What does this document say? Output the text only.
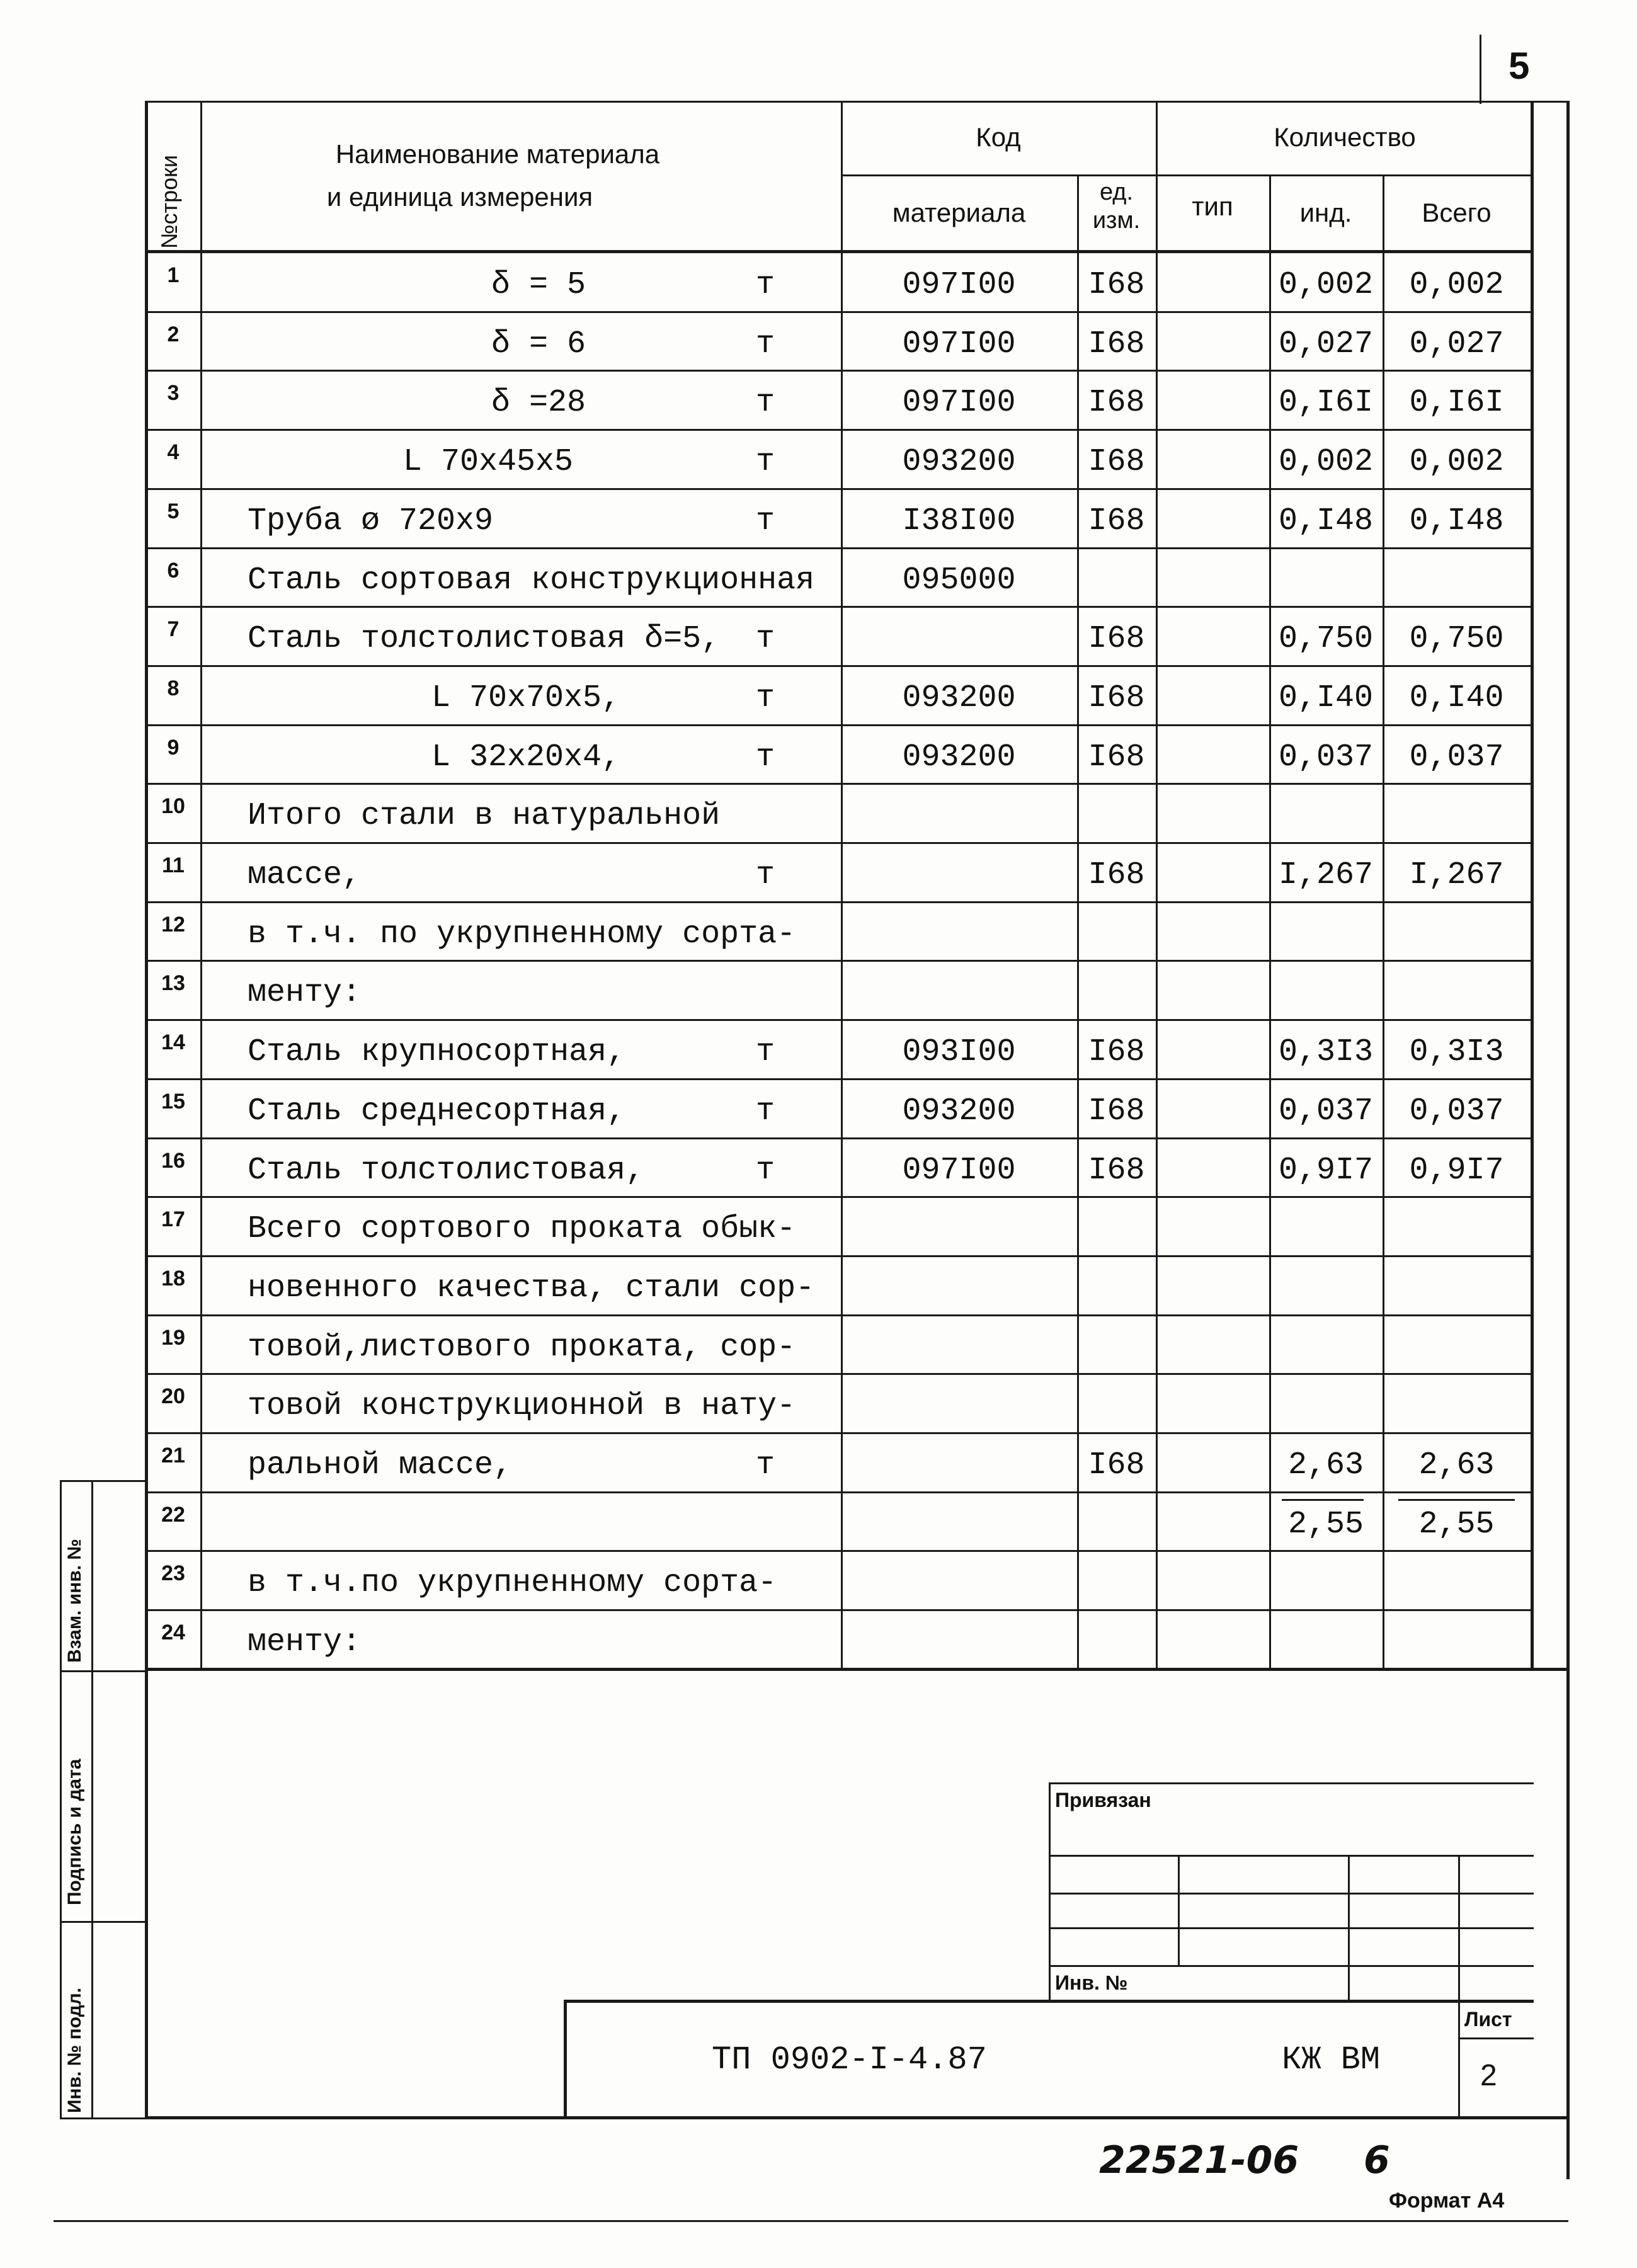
5
№строки
Наименование материала
и единица измерения
Код
материала
ед.
изм.
Количество
тип	инд.	Всего
1	δ = 5	т	097I00	I68	0,002	0,002
2	δ = 6	т	097I00	I68	0,027	0,027
3	δ =28	т	097I00	I68	0,I6I	0,I6I
4	L 70x45x5	т	093200	I68	0,002	0,002
5	Труба ø 720x9	т	I38I00	I68	0,I48	0,I48
6	Сталь сортовая конструкционная	095000
7	Сталь толстолистовая δ=5, т	I68	0,750	0,750
8	L 70x70x5,	т	093200	I68	0,I40	0,I40
9	L 32x20x4,	т	093200	I68	0,037	0,037
10 Итого стали в натуральной
11 массе,	т	I68	I,267	I,267
12 в т.ч. по укрупненному сорта-
13 менту:
14 Сталь крупносортная,	т	093I00	I68	0,3I3	0,3I3
15 Сталь среднесортная,	т	093200	I68	0,037	0,037
16 Сталь толстолистовая,	т	097I00	I68	0,9I7	0,9I7
17 Всего сортового проката обык-
18 новенного качества, стали сор-
19 товой,листового проката, сор-
20 товой конструкционной в нату-
21 ральной массе,	т	I68	2,63	2,63
22	2,55	2,55
23 в т.ч.по укрупненному сорта-
24 менту:
Взам. инв. №
Подпись и дата
Инв. № подл.
Привязан
Инв. №
ТП 0902-I-4.87	КЖ ВМ
Лист
2
22521-06 6
Формат А4
